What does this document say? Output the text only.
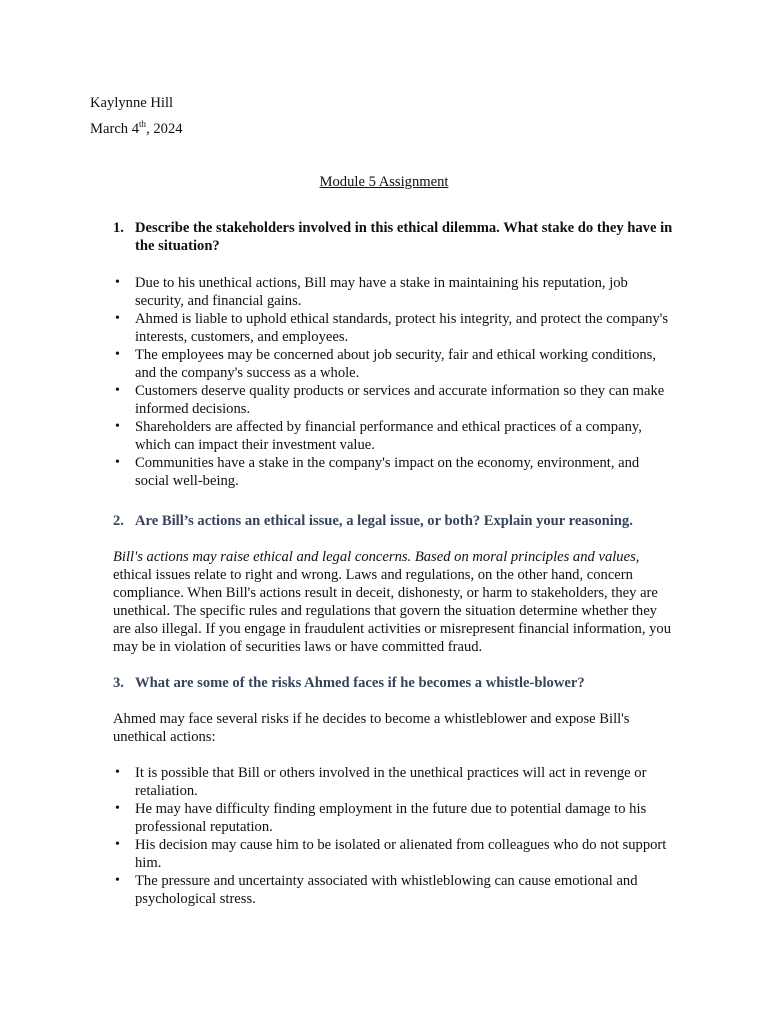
Kaylynne Hill
March 4th, 2024
Module 5 Assignment
1. Describe the stakeholders involved in this ethical dilemma. What stake do they have in the situation?
• Due to his unethical actions, Bill may have a stake in maintaining his reputation, job security, and financial gains.
• Ahmed is liable to uphold ethical standards, protect his integrity, and protect the company's interests, customers, and employees.
• The employees may be concerned about job security, fair and ethical working conditions, and the company's success as a whole.
• Customers deserve quality products or services and accurate information so they can make informed decisions.
• Shareholders are affected by financial performance and ethical practices of a company, which can impact their investment value.
• Communities have a stake in the company's impact on the economy, environment, and social well-being.
2. Are Bill’s actions an ethical issue, a legal issue, or both? Explain your reasoning.

Bill's actions may raise ethical and legal concerns. Based on moral principles and values, ethical issues relate to right and wrong. Laws and regulations, on the other hand, concern compliance. When Bill's actions result in deceit, dishonesty, or harm to stakeholders, they are unethical. The specific rules and regulations that govern the situation determine whether they are also illegal. If you engage in fraudulent activities or misrepresent financial information, you may be in violation of securities laws or have committed fraud.

3. What are some of the risks Ahmed faces if he becomes a whistle-blower?

Ahmed may face several risks if he decides to become a whistleblower and expose Bill's unethical actions:

• It is possible that Bill or others involved in the unethical practices will act in revenge or retaliation.
• He may have difficulty finding employment in the future due to potential damage to his professional reputation.
• His decision may cause him to be isolated or alienated from colleagues who do not support him.
• The pressure and uncertainty associated with whistleblowing can cause emotional and psychological stress.
